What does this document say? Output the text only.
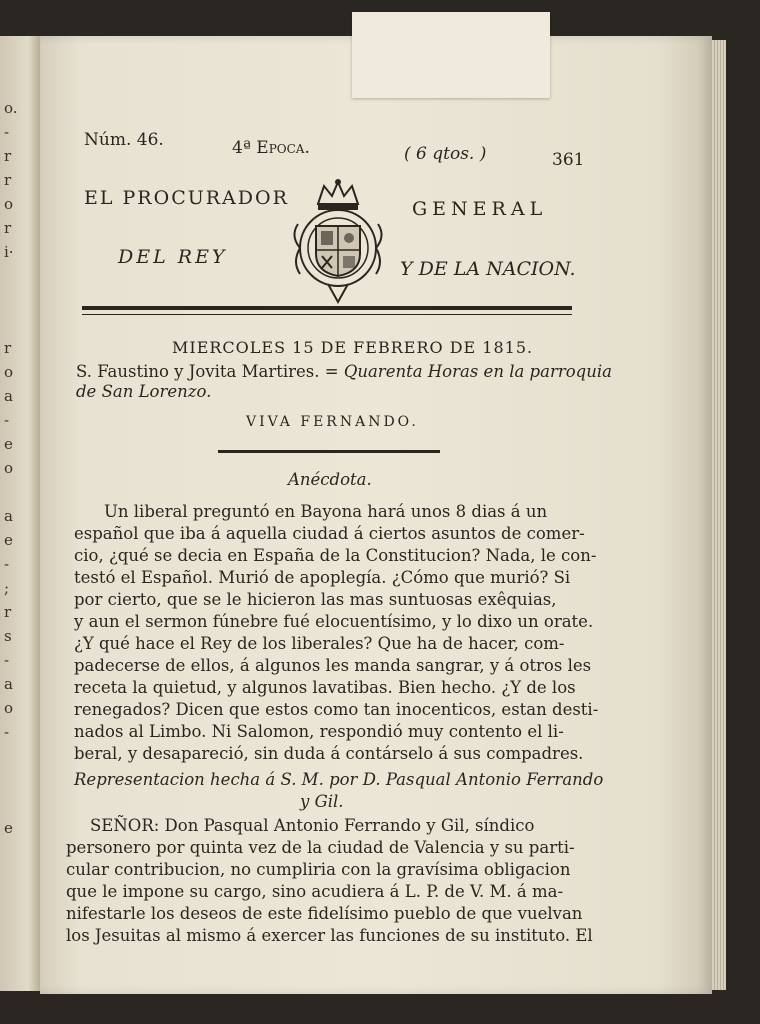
o.
-
r
r
o
r
i·

r
o
a
-
e
o

a
e
-
;
r
s
-
a
o
-

e
Núm. 46.	4ª Epoca.	( 6 qtos. )	361
EL PROCURADOR	GENERAL
DEL REY
Y DE LA NACION.
MIERCOLES 15 DE FEBRERO DE 1815.
S. Faustino y Jovita Martires. = Quarenta Horas en la parroquia
de San Lorenzo.
VIVA FERNANDO.
Anécdota.
Un liberal preguntó en Bayona hará unos 8 dias á un
español que iba á aquella ciudad á ciertos asuntos de comer-
cio, ¿qué se decia en España de la Constitucion? Nada, le con-
testó el Español. Murió de apoplegía. ¿Cómo que murió? Si
por cierto, que se le hicieron las mas suntuosas exêquias,
y aun el sermon fúnebre fué elocuentísimo, y lo dixo un orate.
¿Y qué hace el Rey de los liberales? Que ha de hacer, com-
padecerse de ellos, á algunos les manda sangrar, y á otros les
receta la quietud, y algunos lavatibas. Bien hecho. ¿Y de los
renegados? Dicen que estos como tan inocenticos, estan desti-
nados al Limbo. Ni Salomon, respondió muy contento el li-
beral, y desapareció, sin duda á contárselo á sus compadres.
Representacion hecha á S. M. por D. Pasqual Antonio Ferrando
y Gil.
SEÑOR: Don Pasqual Antonio Ferrando y Gil, síndico
personero por quinta vez de la ciudad de Valencia y su parti-
cular contribucion, no cumpliria con la gravísima obligacion
que le impone su cargo, sino acudiera á L. P. de V. M. á ma-
nifestarle los deseos de este fidelísimo pueblo de que vuelvan
los Jesuitas al mismo á exercer las funciones de su instituto. El
